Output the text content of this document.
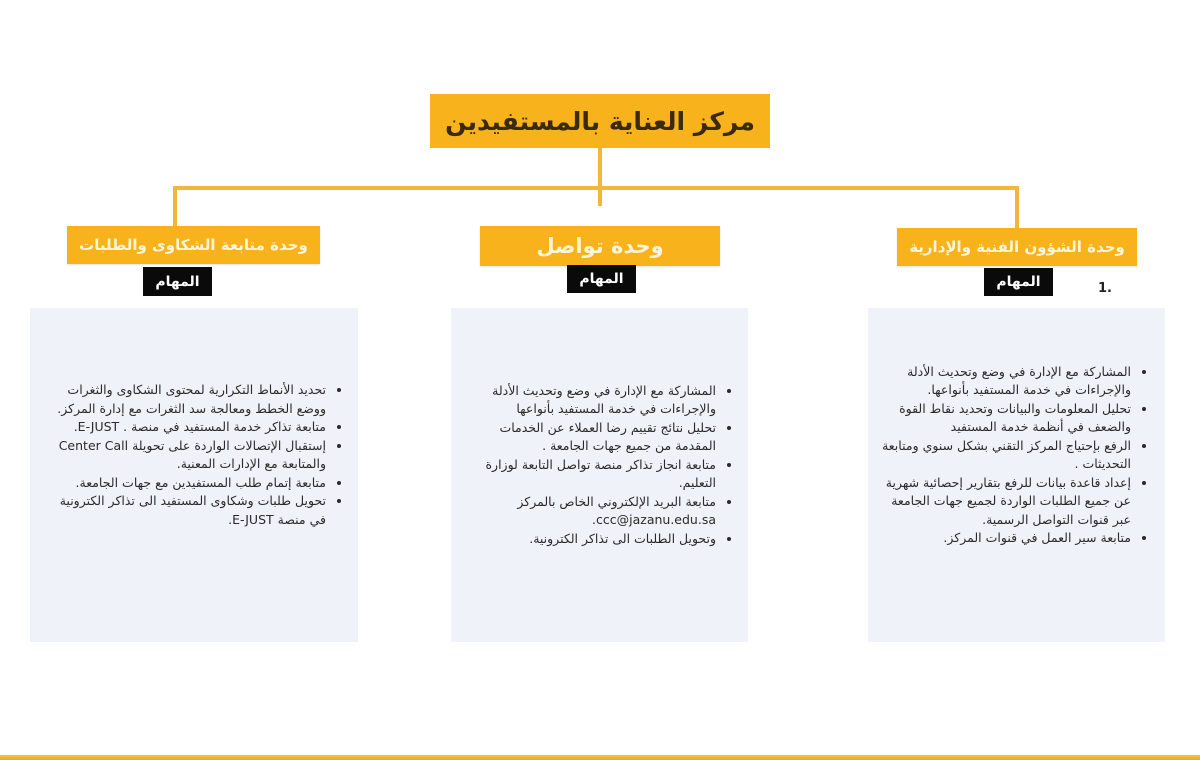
مركز العناية بالمستفيدين
وحدة الشؤون الفنية والإدارية
المهام	1.
• المشاركة مع الإدارة في وضع وتحديث الأدلة والإجراءات في خدمة المستفيد بأنواعها.
• تحليل المعلومات والبيانات وتحديد نقاط القوة والضعف في أنظمة خدمة المستفيد
• الرفع بإحتياج المركز التقني بشكل سنوي ومتابعة التحديثات .
• إعداد قاعدة بيانات للرفع بتقارير إحصائية شهرية عن جميع الطلبات الواردة لجميع جهات الجامعة عبر قنوات التواصل الرسمية.
• متابعة سير العمل في قنوات المركز.
وحدة تواصل
المهام
• المشاركة مع الإدارة في وضع وتحديث الأدلة والإجراءات في خدمة المستفيد بأنواعها
• تحليل نتائج تقييم رضا العملاء عن الخدمات المقدمة من جميع جهات الجامعة .
• متابعة انجاز تذاكر منصة تواصل التابعة لوزارة التعليم.
• متابعة البريد الإلكتروني الخاص بالمركز ccc@jazanu.edu.sa.
• وتحويل الطلبات الى تذاكر الكترونية.
وحدة متابعة الشكاوى والطلبات
المهام
• تحديد الأنماط التكرارية لمحتوى الشكاوى والثغرات ووضع الخطط ومعالجة سد الثغرات مع إدارة المركز.
• متابعة تذاكر خدمة المستفيد في منصة . E-JUST.
• إستقبال الإتصالات الواردة على تحويلة Center Call والمتابعة مع الإدارات المعنية.
• متابعة إتمام طلب المستفيدين مع جهات الجامعة.
• تحويل طلبات وشكاوى المستفيد الى تذاكر الكترونية في منصة E-JUST.
